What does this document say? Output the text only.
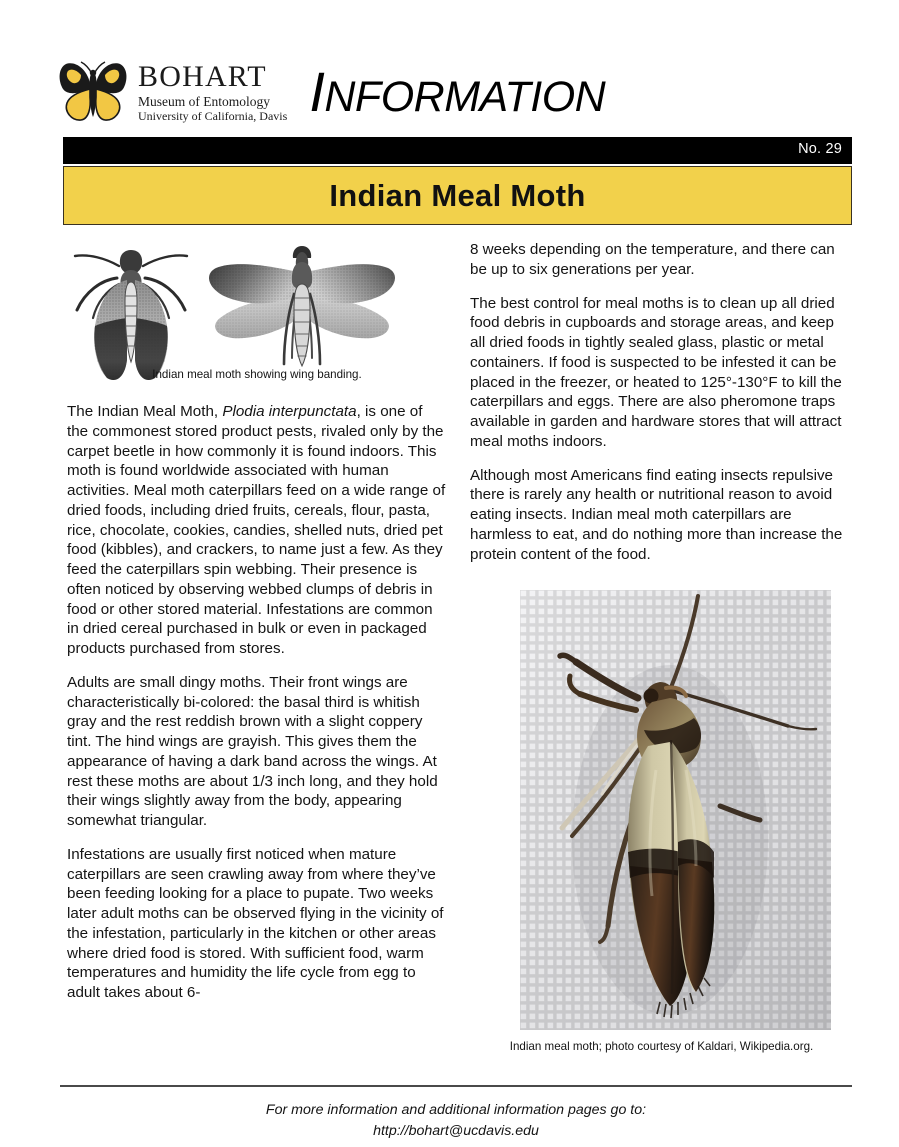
BOHART
Museum of Entomology
University of California, Davis INFORMATION
No. 29
Indian Meal Moth

Indian meal moth showing wing banding.

The Indian Meal Moth, Plodia interpunctata, is one of the commonest stored product pests, rivaled only by the carpet beetle in how commonly it is found indoors. This moth is found worldwide associated with human activities. Meal moth caterpillars feed on a wide range of dried foods, including dried fruits, cereals, flour, pasta, rice, chocolate, cookies, candies, shelled nuts, dried pet food (kibbles), and crackers, to name just a few. As they feed the caterpillars spin webbing. Their presence is often noticed by observing webbed clumps of debris in food or other stored material. Infestations are common in dried cereal purchased in bulk or even in packaged products purchased from stores.

Adults are small dingy moths. Their front wings are characteristically bi-colored: the basal third is whitish gray and the rest reddish brown with a slight coppery tint. The hind wings are grayish. This gives them the appearance of having a dark band across the wings. At rest these moths are about 1/3 inch long, and they hold their wings slightly away from the body, appearing somewhat triangular.

Infestations are usually first noticed when mature caterpillars are seen crawling away from where they’ve been feeding looking for a place to pupate. Two weeks later adult moths can be observed flying in the vicinity of the infestation, particularly in the kitchen or other areas where dried food is stored. With sufficient food, warm temperatures and humidity the life cycle from egg to adult takes about 6-

8 weeks depending on the temperature, and there can be up to six generations per year.

The best control for meal moths is to clean up all dried food debris in cupboards and storage areas, and keep all dried foods in tightly sealed glass, plastic or metal containers. If food is suspected to be infested it can be placed in the freezer, or heated to 125°-130°F to kill the caterpillars and eggs. There are also pheromone traps available in garden and hardware stores that will attract meal moths indoors.

Although most Americans find eating insects repulsive there is rarely any health or nutritional reason to avoid eating insects. Indian meal moth caterpillars are harmless to eat, and do nothing more than increase the protein content of the food.

Indian meal moth; photo courtesy of Kaldari, Wikipedia.org.

For more information and additional information pages go to:
http://bohart@ucdavis.edu
